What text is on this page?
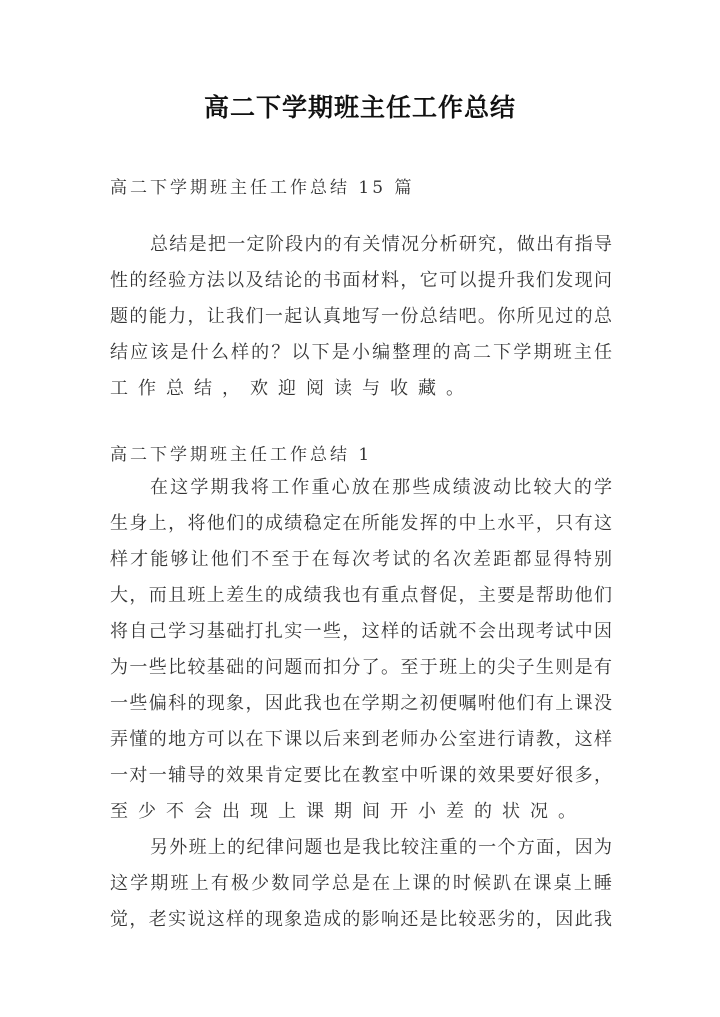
高二下学期班主任工作总结
高二下学期班主任工作总结 15 篇
总结是把一定阶段内的有关情况分析研究，做出有指导
性的经验方法以及结论的书面材料，它可以提升我们发现问
题的能力，让我们一起认真地写一份总结吧。你所见过的总
结应该是什么样的？以下是小编整理的高二下学期班主任
工作总结，欢迎阅读与收藏。
高二下学期班主任工作总结 1
在这学期我将工作重心放在那些成绩波动比较大的学
生身上，将他们的成绩稳定在所能发挥的中上水平，只有这
样才能够让他们不至于在每次考试的名次差距都显得特别
大，而且班上差生的成绩我也有重点督促，主要是帮助他们
将自己学习基础打扎实一些，这样的话就不会出现考试中因
为一些比较基础的问题而扣分了。至于班上的尖子生则是有
一些偏科的现象，因此我也在学期之初便嘱咐他们有上课没
弄懂的地方可以在下课以后来到老师办公室进行请教，这样
一对一辅导的效果肯定要比在教室中听课的效果要好很多，
至少不会出现上课期间开小差的状况。
另外班上的纪律问题也是我比较注重的一个方面，因为
这学期班上有极少数同学总是在上课的时候趴在课桌上睡
觉，老实说这样的现象造成的影响还是比较恶劣的，因此我
